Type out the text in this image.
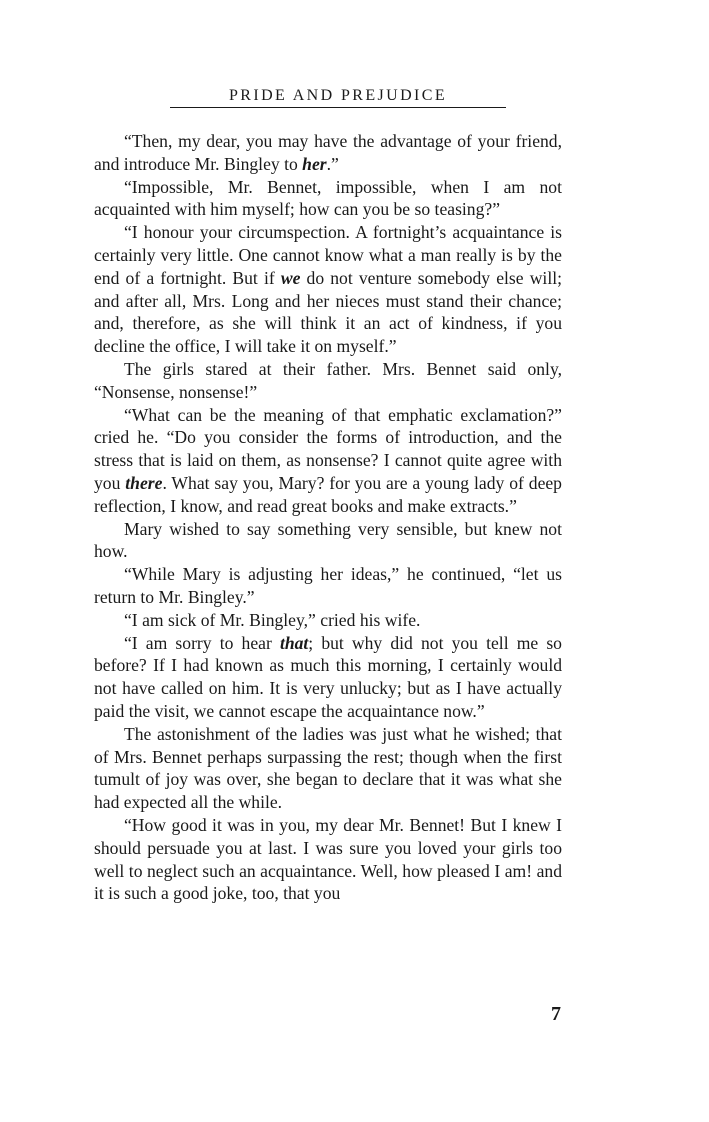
PRIDE AND PREJUDICE

“Then, my dear, you may have the advantage of your friend, and introduce Mr. Bingley to her.”

“Impossible, Mr. Bennet, impossible, when I am not acquainted with him myself; how can you be so teasing?”

“I honour your circumspection. A fortnight’s acquaintance is certainly very little. One cannot know what a man really is by the end of a fortnight. But if we do not venture somebody else will; and after all, Mrs. Long and her nieces must stand their chance; and, therefore, as she will think it an act of kindness, if you decline the office, I will take it on myself.”

The girls stared at their father. Mrs. Bennet said only, “Nonsense, nonsense!”

“What can be the meaning of that emphatic exclamation?” cried he. “Do you consider the forms of introduction, and the stress that is laid on them, as nonsense? I cannot quite agree with you there. What say you, Mary? for you are a young lady of deep reflection, I know, and read great books and make extracts.”

Mary wished to say something very sensible, but knew not how.

“While Mary is adjusting her ideas,” he continued, “let us return to Mr. Bingley.”

“I am sick of Mr. Bingley,” cried his wife.

“I am sorry to hear that; but why did not you tell me so before? If I had known as much this morning, I certainly would not have called on him. It is very unlucky; but as I have actually paid the visit, we cannot escape the acquaintance now.”

The astonishment of the ladies was just what he wished; that of Mrs. Bennet perhaps surpassing the rest; though when the first tumult of joy was over, she began to declare that it was what she had expected all the while.

“How good it was in you, my dear Mr. Bennet! But I knew I should persuade you at last. I was sure you loved your girls too well to neglect such an acquaintance. Well, how pleased I am! and it is such a good joke, too, that you

7
